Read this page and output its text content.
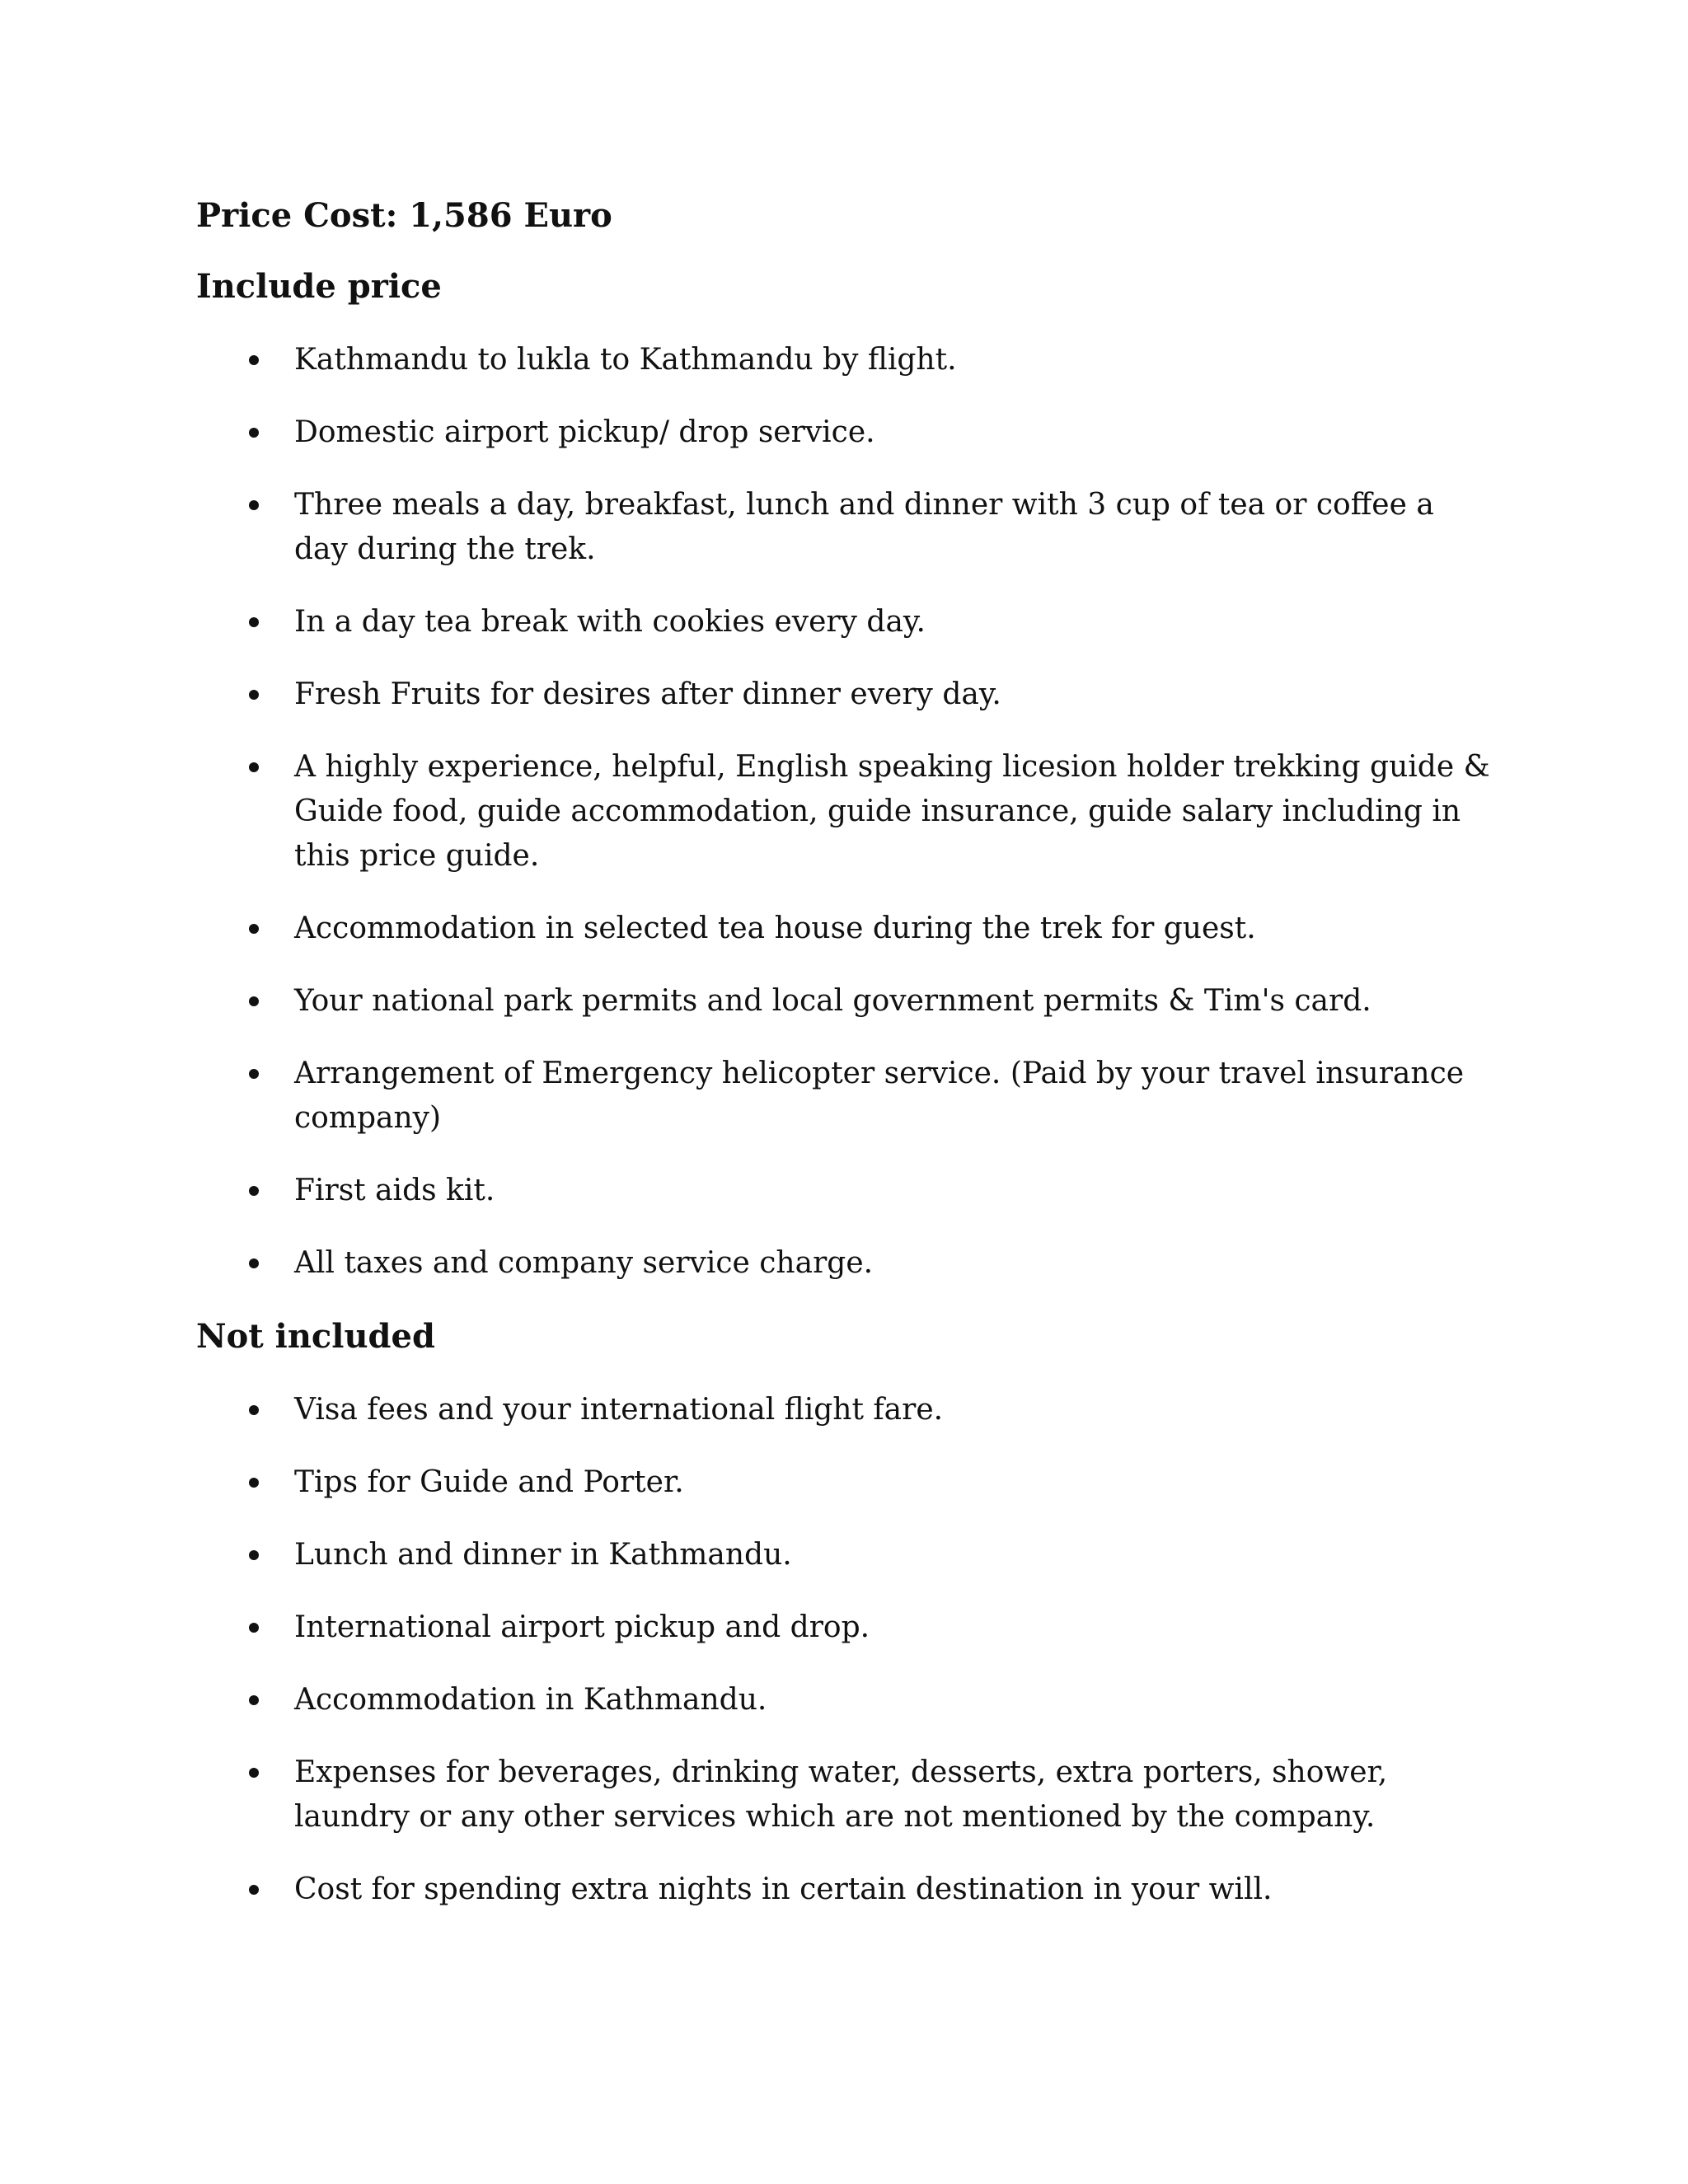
Price Cost: 1,586 Euro
Include price
Kathmandu to lukla to Kathmandu by flight.
Domestic airport pickup/ drop service.
Three meals a day, breakfast, lunch and dinner with 3 cup of tea or coffee a day during the trek.
In a day tea break with cookies every day.
Fresh Fruits for desires after dinner every day.
A highly experience, helpful, English speaking licesion holder trekking guide & Guide food, guide accommodation, guide insurance, guide salary including in this price guide.
Accommodation in selected tea house during the trek for guest.
Your national park permits and local government permits & Tim's card.
Arrangement of Emergency helicopter service. (Paid by your travel insurance company)
First aids kit.
All taxes and company service charge.
Not included
Visa fees and your international flight fare.
Tips for Guide and Porter.
Lunch and dinner in Kathmandu.
International airport pickup and drop.
Accommodation in Kathmandu.
Expenses for beverages, drinking water, desserts, extra porters, shower, laundry or any other services which are not mentioned by the company.
Cost for spending extra nights in certain destination in your will.
